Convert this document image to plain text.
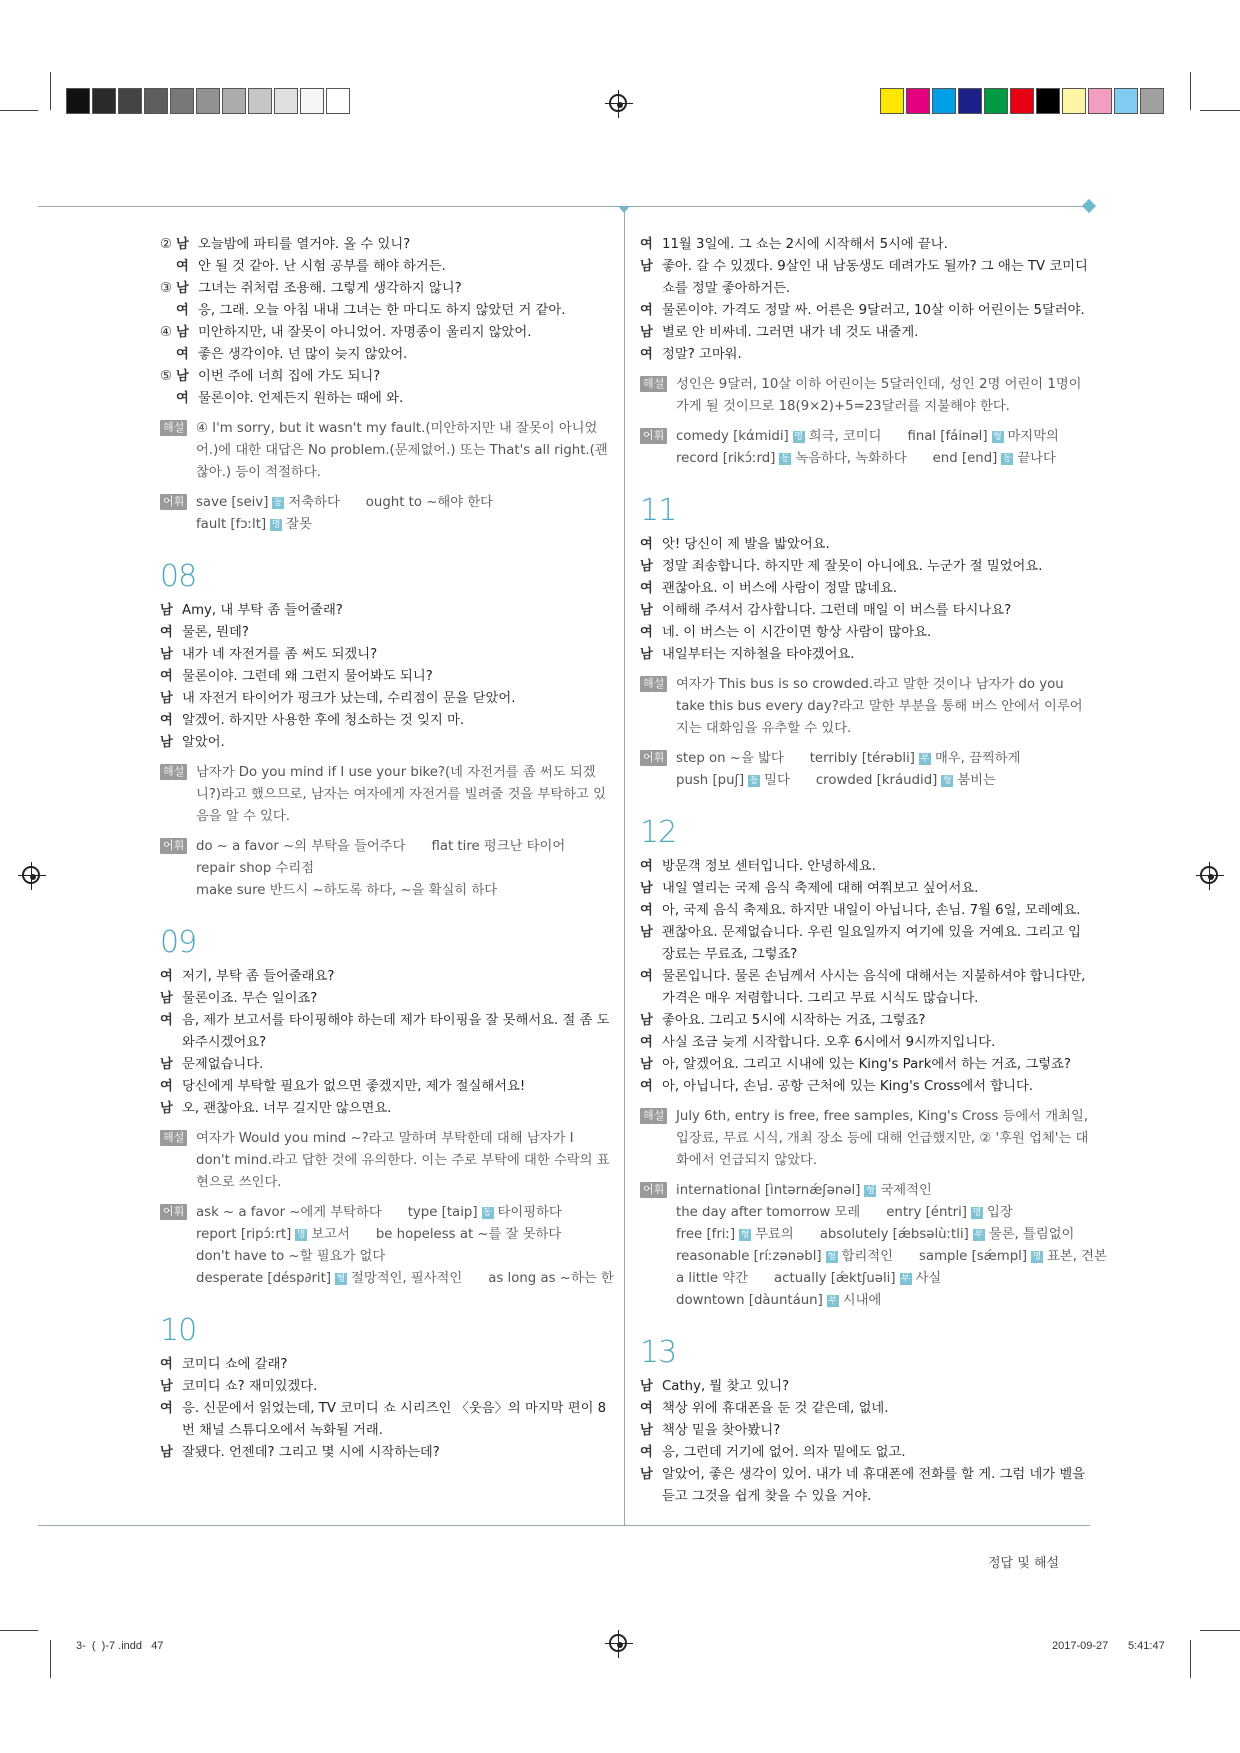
② 남 오늘밤에 파티를 열거야. 올 수 있니?
여 안 될 것 같아. 난 시험 공부를 해야 하거든.
③ 남 그녀는 쥐처럼 조용해. 그렇게 생각하지 않니?
여 응, 그래. 오늘 아침 내내 그녀는 한 마디도 하지 않았던 거 같아.
④ 남 미안하지만, 내 잘못이 아니었어. 자명종이 울리지 않았어.
여 좋은 생각이야. 넌 많이 늦지 않았어.
⑤ 남 이번 주에 너희 집에 가도 되니?
여 물론이야. 언제든지 원하는 때에 와.
해설 ④ I'm sorry, but it wasn't my fault.(미안하지만 내 잘못이 아니었어.)에 대한 대답은 No problem.(문제없어.) 또는 That's all right.(괜찮아.) 등이 적절하다.
어휘 save [seiv] 동 저축하다 ought to ~해야 한다
fault [fɔːlt] 명 잘못
08
남 Amy, 내 부탁 좀 들어줄래?
여 물론, 뭔데?
남 내가 네 자전거를 좀 써도 되겠니?
여 물론이야. 그런데 왜 그런지 물어봐도 되니?
남 내 자전거 타이어가 펑크가 났는데, 수리점이 문을 닫았어.
여 알겠어. 하지만 사용한 후에 청소하는 것 잊지 마.
남 알았어.
해설 남자가 Do you mind if I use your bike?(네 자전거를 좀 써도 되겠니?)라고 했으므로, 남자는 여자에게 자전거를 빌려줄 것을 부탁하고 있음을 알 수 있다.
어휘 do ~ a favor ~의 부탁을 들어주다 flat tire 펑크난 타이어
repair shop 수리점
make sure 반드시 ~하도록 하다, ~을 확실히 하다
09
여 저기, 부탁 좀 들어줄래요?
남 물론이죠. 무슨 일이죠?
여 음, 제가 보고서를 타이핑해야 하는데 제가 타이핑을 잘 못해서요. 절 좀 도와주시겠어요?
남 문제없습니다.
여 당신에게 부탁할 필요가 없으면 좋겠지만, 제가 절실해서요!
남 오, 괜찮아요. 너무 길지만 않으면요.
해설 여자가 Would you mind ~?라고 말하며 부탁한데 대해 남자가 I don't mind.라고 답한 것에 유의한다. 이는 주로 부탁에 대한 수락의 표현으로 쓰인다.
어휘 ask ~ a favor ~에게 부탁하다 type [taip] 동 타이핑하다
report [ripɔ́ːrt] 명 보고서 be hopeless at ~를 잘 못하다
don't have to ~할 필요가 없다
desperate [désp∂rit] 형 절망적인, 필사적인 as long as ~하는 한
10
여 코미디 쇼에 갈래?
남 코미디 쇼? 재미있겠다.
여 응. 신문에서 읽었는데, TV 코미디 쇼 시리즈인 〈웃음〉의 마지막 편이 8번 채널 스튜디오에서 녹화될 거래.
남 잘됐다. 언젠데? 그리고 몇 시에 시작하는데?
여 11월 3일에. 그 쇼는 2시에 시작해서 5시에 끝나.
남 좋아. 갈 수 있겠다. 9살인 내 남동생도 데려가도 될까? 그 애는 TV 코미디 쇼를 정말 좋아하거든.
여 물론이야. 가격도 정말 싸. 어른은 9달러고, 10살 이하 어린이는 5달러야.
남 별로 안 비싸네. 그러면 내가 네 것도 내줄게.
여 정말? 고마워.
해설 성인은 9달러, 10살 이하 어린이는 5달러인데, 성인 2명 어린이 1명이 가게 될 것이므로 18(9×2)+5=23달러를 지불해야 한다.
어휘 comedy [kάmidi] 명 희극, 코미디 final [fáinəl] 형 마지막의
record [rikɔ́ːrd] 동 녹음하다, 녹화하다 end [end] 동 끝나다
11
여 앗! 당신이 제 발을 밟았어요.
남 정말 죄송합니다. 하지만 제 잘못이 아니에요. 누군가 절 밀었어요.
여 괜찮아요. 이 버스에 사람이 정말 많네요.
남 이해해 주셔서 감사합니다. 그런데 매일 이 버스를 타시나요?
여 네. 이 버스는 이 시간이면 항상 사람이 많아요.
남 내일부터는 지하철을 타야겠어요.
해설 여자가 This bus is so crowded.라고 말한 것이나 남자가 do you take this bus every day?라고 말한 부분을 통해 버스 안에서 이루어지는 대화임을 유추할 수 있다.
어휘 step on ~을 밟다 terribly [térəbli] 부 매우, 끔찍하게
push [puʃ] 동 밀다 crowded [kráudid] 형 붐비는
12
여 방문객 정보 센터입니다. 안녕하세요.
남 내일 열리는 국제 음식 축제에 대해 여쭤보고 싶어서요.
여 아, 국제 음식 축제요. 하지만 내일이 아닙니다, 손님. 7월 6일, 모레예요.
남 괜찮아요. 문제없습니다. 우린 일요일까지 여기에 있을 거예요. 그리고 입장료는 무료죠, 그렇죠?
여 물론입니다. 물론 손님께서 사시는 음식에 대해서는 지불하셔야 합니다만, 가격은 매우 저렴합니다. 그리고 무료 시식도 많습니다.
남 좋아요. 그리고 5시에 시작하는 거죠, 그렇죠?
여 사실 조금 늦게 시작합니다. 오후 6시에서 9시까지입니다.
남 아, 알겠어요. 그리고 시내에 있는 King's Park에서 하는 거죠, 그렇죠?
여 아, 아닙니다, 손님. 공항 근처에 있는 King's Cross에서 합니다.
해설 July 6th, entry is free, free samples, King's Cross 등에서 개최일, 입장료, 무료 시식, 개최 장소 등에 대해 언급했지만, ② '후원 업체'는 대화에서 언급되지 않았다.
어휘 international [ìntərnǽʃənəl] 형 국제적인
the day after tomorrow 모레 entry [éntri] 명 입장
free [friː] 형 무료의 absolutely [ǽbsəlùːtli] 부 물론, 틀림없이
reasonable [ríːzənəbl] 형 합리적인 sample [sǽmpl] 명 표본, 견본
a little 약간 actually [ǽktʃuəli] 부 사실
downtown [dàuntáun] 부 시내에
13
남 Cathy, 뭘 찾고 있니?
여 책상 위에 휴대폰을 둔 것 같은데, 없네.
남 책상 밑을 찾아봤니?
여 응, 그런데 거기에 없어. 의자 밑에도 없고.
남 알았어, 좋은 생각이 있어. 내가 네 휴대폰에 전화를 할 게. 그럼 네가 벨을 듣고 그것을 쉽게 찾을 수 있을 거야.
정답 및 해설
3-  (  )-7 .indd   47	2017-09-27 5:41:47
